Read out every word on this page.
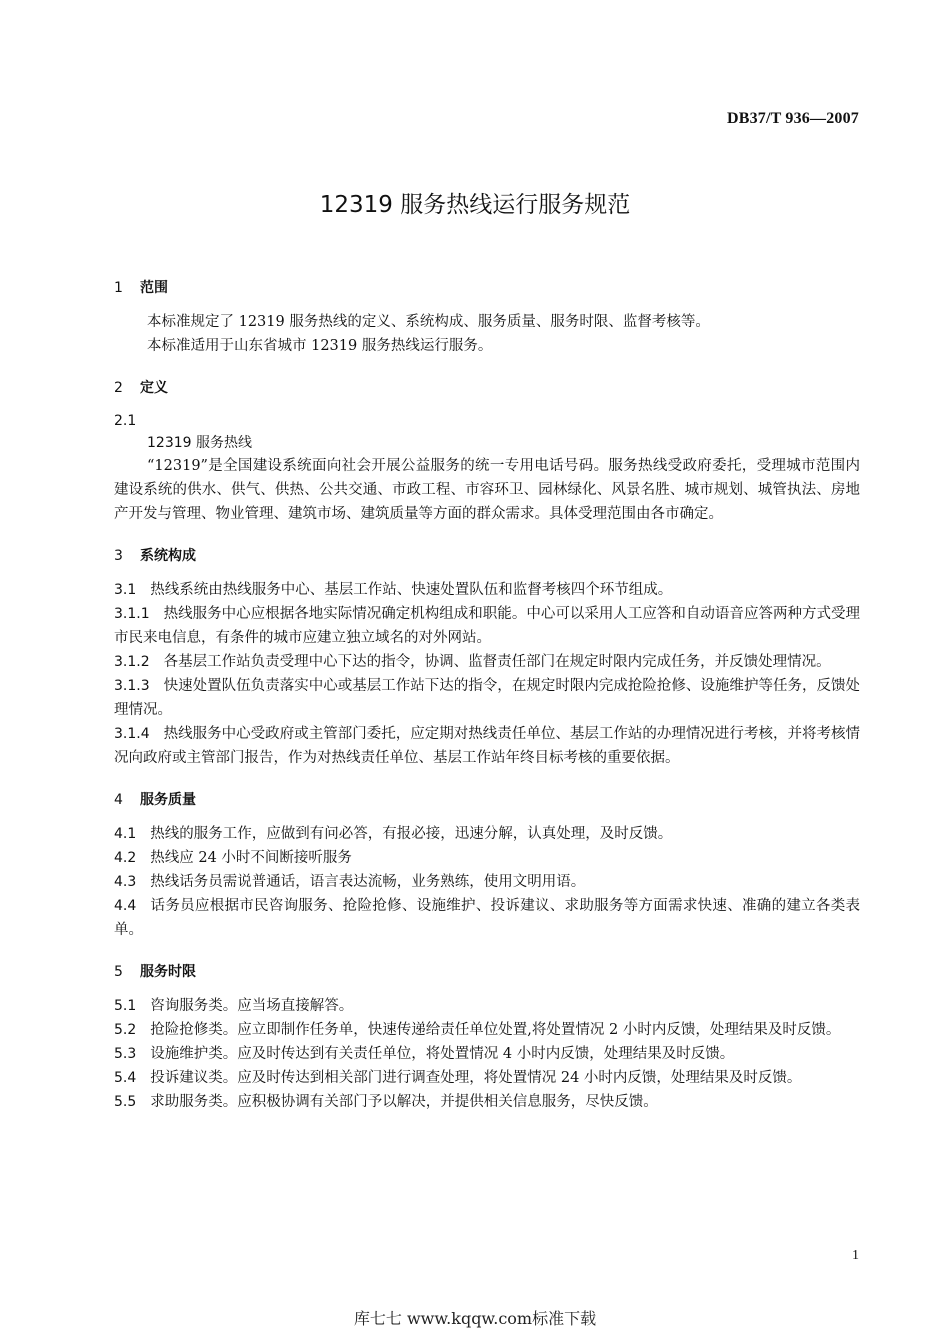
DB37/T 936—2007
12319 服务热线运行服务规范
1 范围
本标准规定了 12319 服务热线的定义、系统构成、服务质量、服务时限、监督考核等。
本标准适用于山东省城市 12319 服务热线运行服务。
2 定义
2.1
12319 服务热线
“12319”是全国建设系统面向社会开展公益服务的统一专用电话号码。服务热线受政府委托，受理城市范围内建设系统的供水、供气、供热、公共交通、市政工程、市容环卫、园林绿化、风景名胜、城市规划、城管执法、房地产开发与管理、物业管理、建筑市场、建筑质量等方面的群众需求。具体受理范围由各市确定。
3 系统构成
3.1 热线系统由热线服务中心、基层工作站、快速处置队伍和监督考核四个环节组成。
3.1.1 热线服务中心应根据各地实际情况确定机构组成和职能。中心可以采用人工应答和自动语音应答两种方式受理市民来电信息，有条件的城市应建立独立域名的对外网站。
3.1.2 各基层工作站负责受理中心下达的指令，协调、监督责任部门在规定时限内完成任务，并反馈处理情况。
3.1.3 快速处置队伍负责落实中心或基层工作站下达的指令，在规定时限内完成抢险抢修、设施维护等任务，反馈处理情况。
3.1.4 热线服务中心受政府或主管部门委托，应定期对热线责任单位、基层工作站的办理情况进行考核，并将考核情况向政府或主管部门报告，作为对热线责任单位、基层工作站年终目标考核的重要依据。
4 服务质量
4.1 热线的服务工作，应做到有问必答，有报必接，迅速分解，认真处理，及时反馈。
4.2 热线应 24 小时不间断接听服务
4.3 热线话务员需说普通话，语言表达流畅，业务熟练，使用文明用语。
4.4 话务员应根据市民咨询服务、抢险抢修、设施维护、投诉建议、求助服务等方面需求快速、准确的建立各类表单。
5 服务时限
5.1 咨询服务类。应当场直接解答。
5.2 抢险抢修类。应立即制作任务单，快速传递给责任单位处置,将处置情况 2 小时内反馈，处理结果及时反馈。
5.3 设施维护类。应及时传达到有关责任单位，将处置情况 4 小时内反馈，处理结果及时反馈。
5.4 投诉建议类。应及时传达到相关部门进行调查处理，将处置情况 24 小时内反馈，处理结果及时反馈。
5.5 求助服务类。应积极协调有关部门予以解决，并提供相关信息服务，尽快反馈。
1
库七七 www.kqqw.com标准下载
